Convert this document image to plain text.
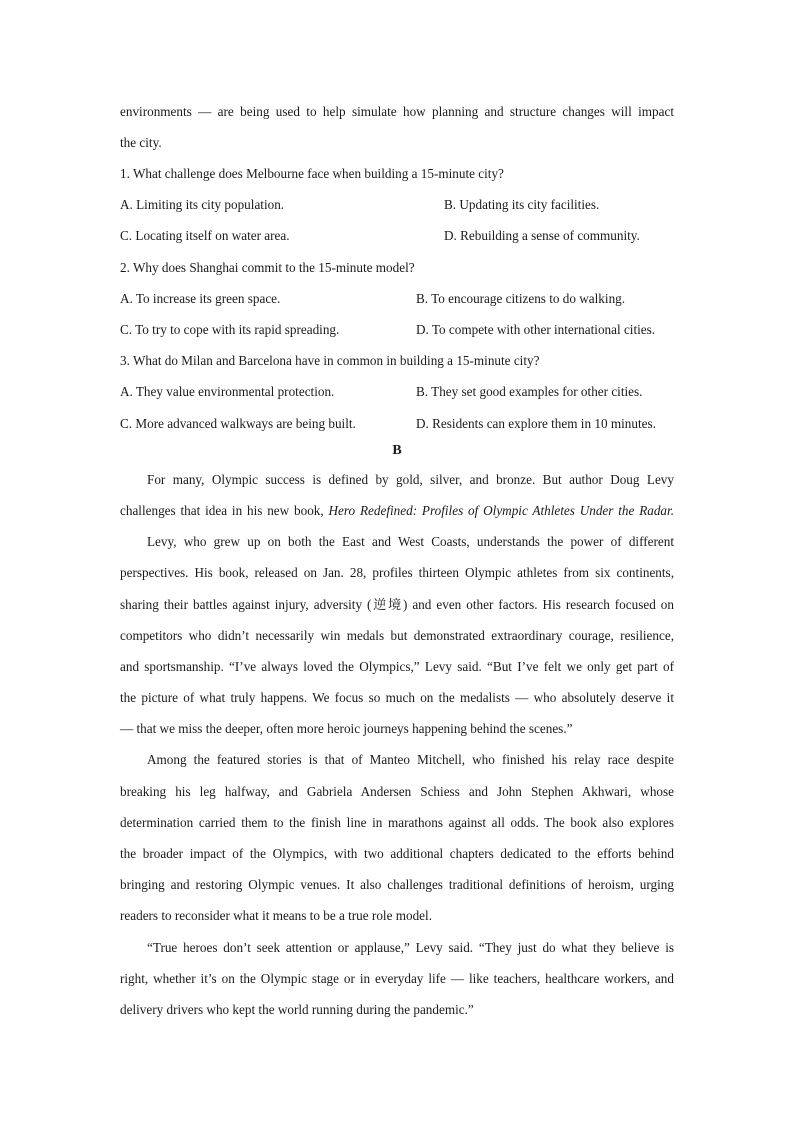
environments — are being used to help simulate how planning and structure changes will impact
the city.
1. What challenge does Melbourne face when building a 15-minute city?
A. Limiting its city population.	B. Updating its city facilities.
C. Locating itself on water area.	D. Rebuilding a sense of community.
2. Why does Shanghai commit to the 15-minute model?
A. To increase its green space.	B. To encourage citizens to do walking.
C. To try to cope with its rapid spreading.	D. To compete with other international cities.
3. What do Milan and Barcelona have in common in building a 15-minute city?
A. They value environmental protection.	B. They set good examples for other cities.
C. More advanced walkways are being built.	D. Residents can explore them in 10 minutes.
B
For many, Olympic success is defined by gold, silver, and bronze. But author Doug Levy
challenges that idea in his new book, Hero Redefined: Profiles of Olympic Athletes Under the Radar.
Levy, who grew up on both the East and West Coasts, understands the power of different
perspectives. His book, released on Jan. 28, profiles thirteen Olympic athletes from six continents,
sharing their battles against injury, adversity (逆境) and even other factors. His research focused on
competitors who didn’t necessarily win medals but demonstrated extraordinary courage, resilience,
and sportsmanship. “I’ve always loved the Olympics,” Levy said. “But I’ve felt we only get part of
the picture of what truly happens. We focus so much on the medalists — who absolutely deserve it
— that we miss the deeper, often more heroic journeys happening behind the scenes.”
Among the featured stories is that of Manteo Mitchell, who finished his relay race despite
breaking his leg halfway, and Gabriela Andersen Schiess and John Stephen Akhwari, whose
determination carried them to the finish line in marathons against all odds. The book also explores
the broader impact of the Olympics, with two additional chapters dedicated to the efforts behind
bringing and restoring Olympic venues. It also challenges traditional definitions of heroism, urging
readers to reconsider what it means to be a true role model.
“True heroes don’t seek attention or applause,” Levy said. “They just do what they believe is
right, whether it’s on the Olympic stage or in everyday life — like teachers, healthcare workers, and
delivery drivers who kept the world running during the pandemic.”
